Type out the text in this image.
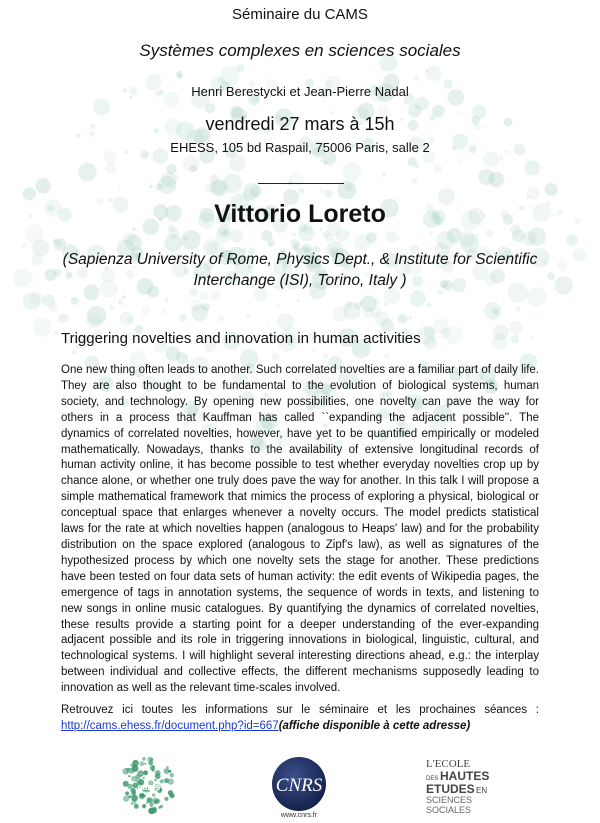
Séminaire du CAMS
Systèmes complexes en sciences sociales
Henri Berestycki et Jean-Pierre Nadal
vendredi 27 mars à 15h
EHESS, 105 bd Raspail, 75006 Paris, salle 2
Vittorio Loreto
(Sapienza University of Rome, Physics Dept., & Institute for Scientific Interchange (ISI), Torino, Italy )
Triggering novelties and innovation in human activities
One new thing often leads to another. Such correlated novelties are a familiar part of daily life. They are also thought to be fundamental to the evolution of biological systems, human society, and technology. By opening new possibilities, one novelty can pave the way for others in a process that Kauffman has called ``expanding the adjacent possible''. The dynamics of correlated novelties, however, have yet to be quantified empirically or modeled mathematically. Nowadays, thanks to the availability of extensive longitudinal records of human activity online, it has become possible to test whether everyday novelties crop up by chance alone, or whether one truly does pave the way for another. In this talk I will propose a simple mathematical framework that mimics the process of exploring a physical, biological or conceptual space that enlarges whenever a novelty occurs. The model predicts statistical laws for the rate at which novelties happen (analogous to Heaps' law) and for the probability distribution on the space explored (analogous to Zipf's law), as well as signatures of the hypothesized process by which one novelty sets the stage for another. These predictions have been tested on four data sets of human activity: the edit events of Wikipedia pages, the emergence of tags in annotation systems, the sequence of words in texts, and listening to new songs in online music catalogues. By quantifying the dynamics of correlated novelties, these results provide a starting point for a deeper understanding of the ever-expanding adjacent possible and its role in triggering innovations in biological, linguistic, cultural, and technological systems. I will highlight several interesting directions ahead, e.g.: the interplay between individual and collective effects, the different mechanisms supposedly leading to innovation as well as the relevant time-scales involved.
Retrouvez ici toutes les informations sur le séminaire et les prochaines séances : http://cams.ehess.fr/document.php?id=667(affiche disponible à cette adresse)
cams	CNRS
www.cnrs.fr
L'ECOLE
DES HAUTES
ETUDES EN
SCIENCES
SOCIALES
